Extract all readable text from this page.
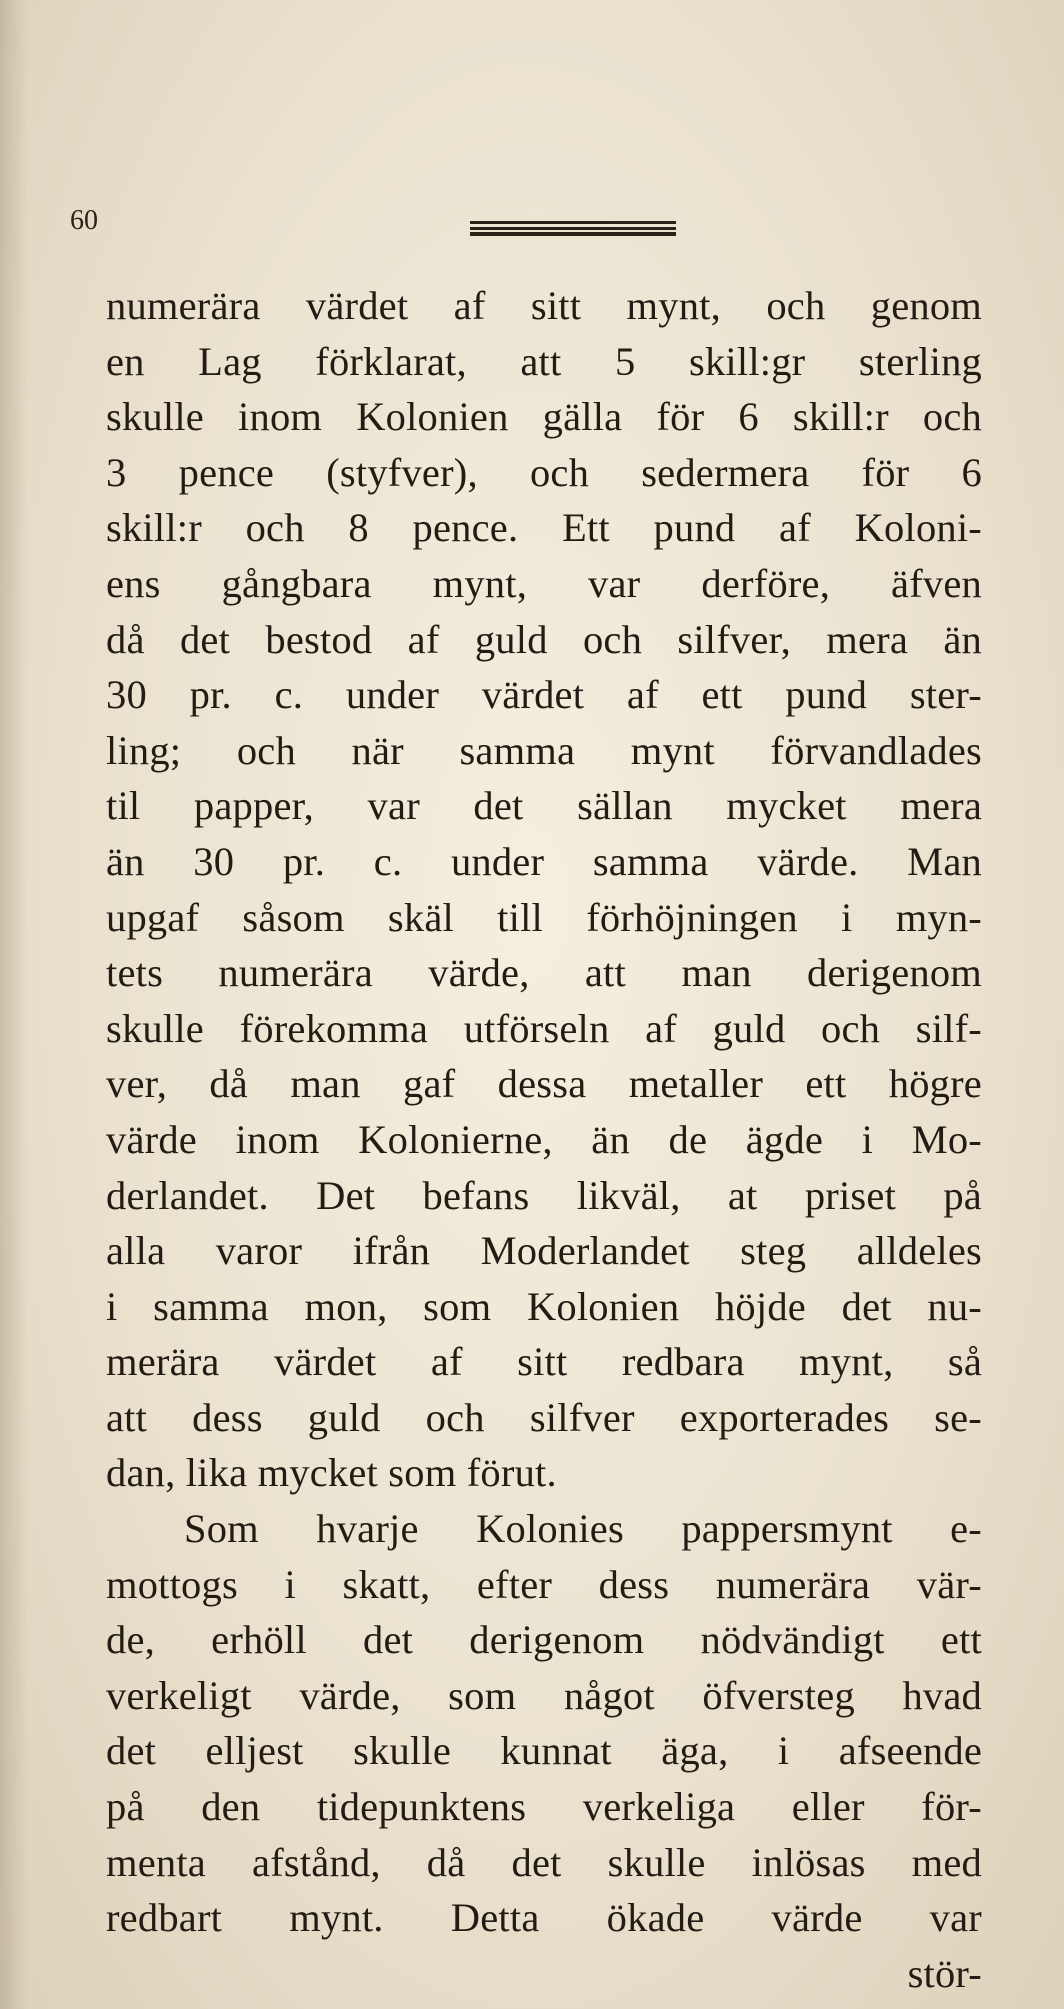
60
numerära värdet af sitt mynt, och genom
en Lag förklarat, att 5 skill:gr sterling
skulle inom Kolonien gälla för 6 skill:r och
3 pence (styfver), och sedermera för 6
skill:r och 8 pence. Ett pund af Koloni-
ens gångbara mynt, var derföre, äfven
då det bestod af guld och silfver, mera än
30 pr. c. under värdet af ett pund ster-
ling; och när samma mynt förvandlades
til papper, var det sällan mycket mera
än 30 pr. c. under samma värde. Man
upgaf såsom skäl till förhöjningen i myn-
tets numerära värde, att man derigenom
skulle förekomma utförseln af guld och silf-
ver, då man gaf dessa metaller ett högre
värde inom Kolonierne, än de ägde i Mo-
derlandet. Det befans likväl, at priset på
alla varor ifrån Moderlandet steg alldeles
i samma mon, som Kolonien höjde det nu-
merära värdet af sitt redbara mynt, så
att dess guld och silfver exporterades se-
dan, lika mycket som förut.
Som hvarje Kolonies pappersmynt e-
mottogs i skatt, efter dess numerära vär-
de, erhöll det derigenom nödvändigt ett
verkeligt värde, som något öfversteg hvad
det elljest skulle kunnat äga, i afseende
på den tidepunktens verkeliga eller för-
menta afstånd, då det skulle inlösas med
redbart mynt. Detta ökade värde var
stör-
